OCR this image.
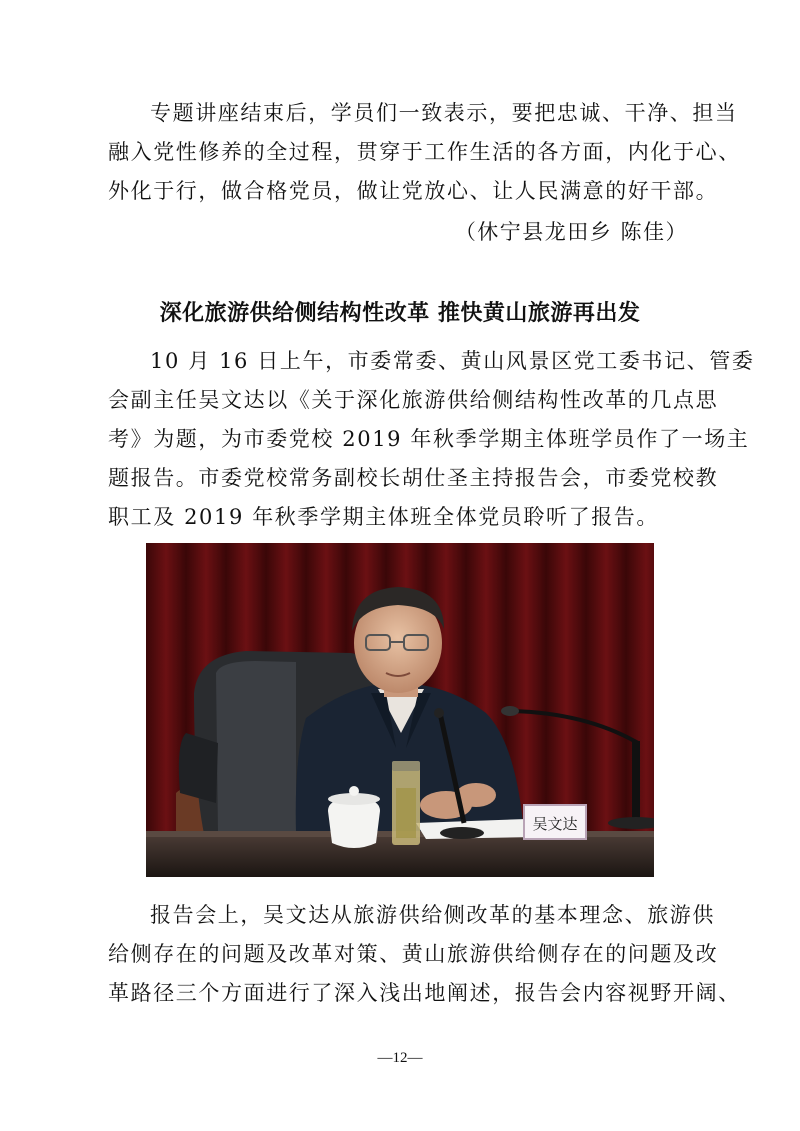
专题讲座结束后，学员们一致表示，要把忠诚、干净、担当
融入党性修养的全过程，贯穿于工作生活的各方面，内化于心、
外化于行，做合格党员，做让党放心、让人民满意的好干部。
（休宁县龙田乡 陈佳）
深化旅游供给侧结构性改革 推快黄山旅游再出发
10 月 16 日上午，市委常委、黄山风景区党工委书记、管委
会副主任吴文达以《关于深化旅游供给侧结构性改革的几点思
考》为题，为市委党校 2019 年秋季学期主体班学员作了一场主
题报告。市委党校常务副校长胡仕圣主持报告会，市委党校教
职工及 2019 年秋季学期主体班全体党员聆听了报告。
吴文达
报告会上，吴文达从旅游供给侧改革的基本理念、旅游供
给侧存在的问题及改革对策、黄山旅游供给侧存在的问题及改
革路径三个方面进行了深入浅出地阐述，报告会内容视野开阔、
—12—
